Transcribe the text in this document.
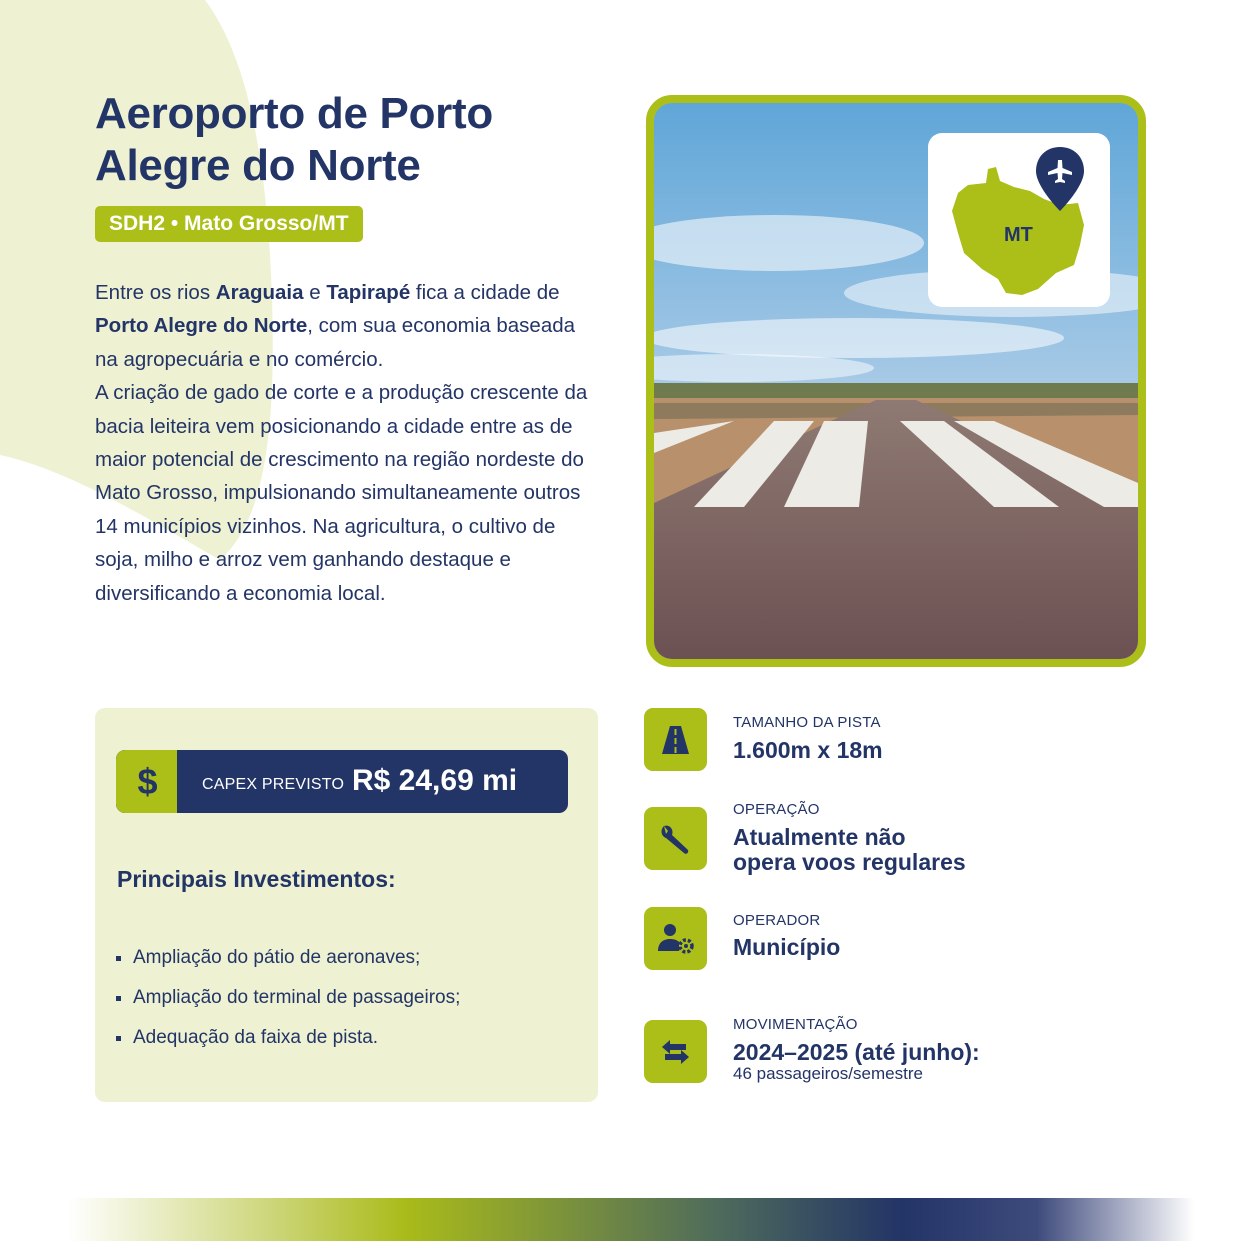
Aeroporto de Porto
Alegre do Norte
SDH2 • Mato Grosso/MT

Entre os rios Araguaia e Tapirapé fica a cidade de Porto Alegre do Norte, com sua economia baseada na agropecuária e no comércio.
A criação de gado de corte e a produção crescente da bacia leiteira vem posicionando a cidade entre as de maior potencial de crescimento na região nordeste do Mato Grosso, impulsionando simultaneamente outros 14 municípios vizinhos. Na agricultura, o cultivo de soja, milho e arroz vem ganhando destaque e diversificando a economia local.

MT
$	CAPEX PREVISTO R$ 24,69 mi
Principais Investimentos:
Ampliação do pátio de aeronaves;
Ampliação do terminal de passageiros;
Adequação da faixa de pista.
TAMANHO DA PISTA
1.600m x 18m
OPERAÇÃO
Atualmente não
opera voos regulares
OPERADOR
Município
MOVIMENTAÇÃO
2024–2025 (até junho):
46 passageiros/semestre
